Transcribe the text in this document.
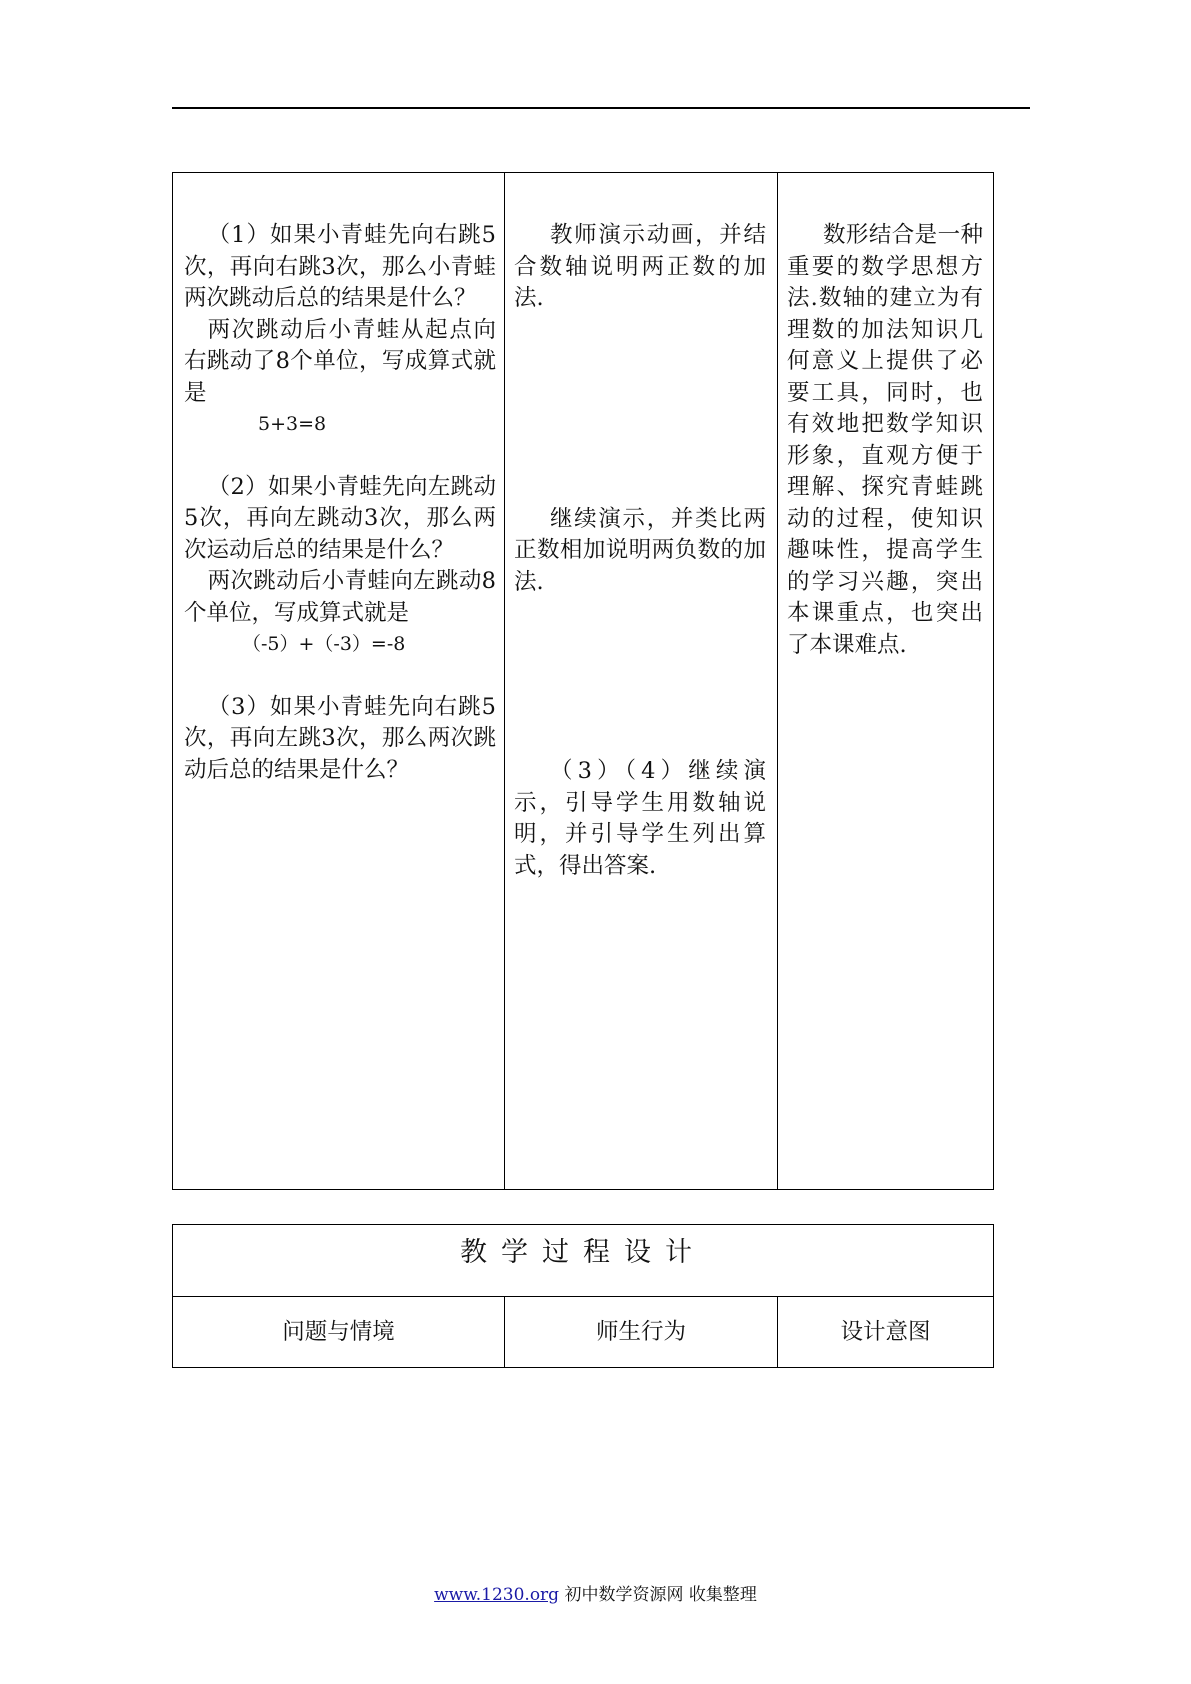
（1）如果小青蛙先向右跳5次，再向右跳3次，那么小青蛙两次跳动后总的结果是什么？

两次跳动后小青蛙从起点向右跳动了8个单位，写成算式就是

5+3=8

（2）如果小青蛙先向左跳动5次，再向左跳动3次，那么两次运动后总的结果是什么？

两次跳动后小青蛙向左跳动8个单位，写成算式就是

（-5）+（-3）=-8

（3）如果小青蛙先向右跳5次，再向左跳3次，那么两次跳动后总的结果是什么？

教师演示动画，并结合数轴说明两正数的加法.

继续演示，并类比两正数相加说明两负数的加法.

（3）（4）继续演示，引导学生用数轴说明，并引导学生列出算式，得出答案.

数形结合是一种重要的数学思想方法.数轴的建立为有理数的加法知识几何意义上提供了必要工具，同时，也有效地把数学知识形象，直观方便于理解、探究青蛙跳动的过程，使知识趣味性，提高学生的学习兴趣，突出本课重点，也突出了本课难点.

教学过程设计
问题与情境	师生行为	设计意图
www.1230.org 初中数学资源网 收集整理
